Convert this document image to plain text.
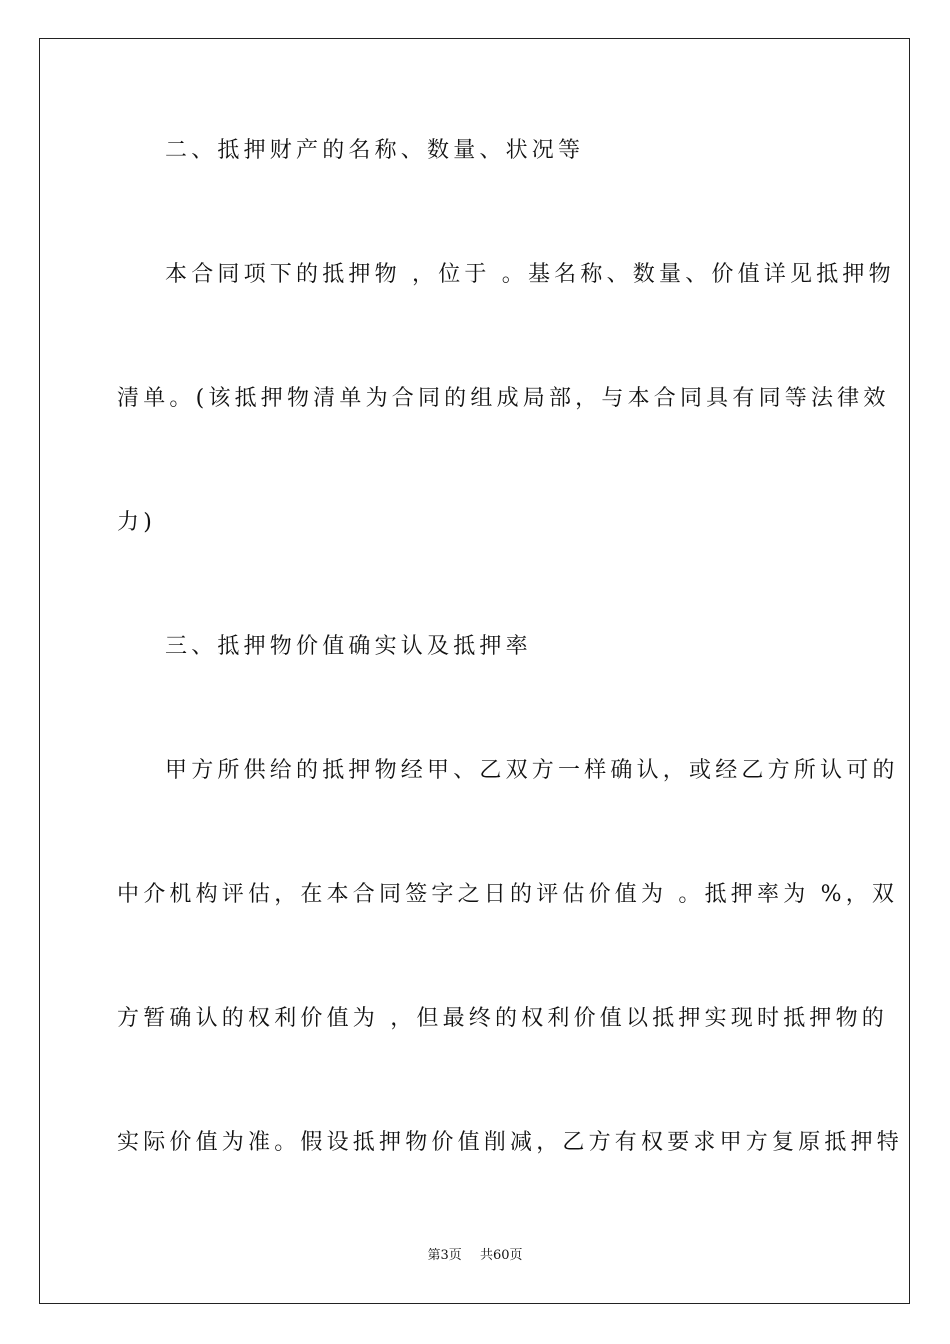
二、抵押财产的名称、数量、状况等
本合同项下的抵押物 ，位于 。基名称、数量、价值详见抵押物
清单。(该抵押物清单为合同的组成局部，与本合同具有同等法律效
力)
三、抵押物价值确实认及抵押率
甲方所供给的抵押物经甲、乙双方一样确认，或经乙方所认可的
中介机构评估，在本合同签字之日的评估价值为 。抵押率为 %，双
方暂确认的权利价值为 ，但最终的权利价值以抵押实现时抵押物的
实际价值为准。假设抵押物价值削减，乙方有权要求甲方复原抵押特
第3页 共60页
